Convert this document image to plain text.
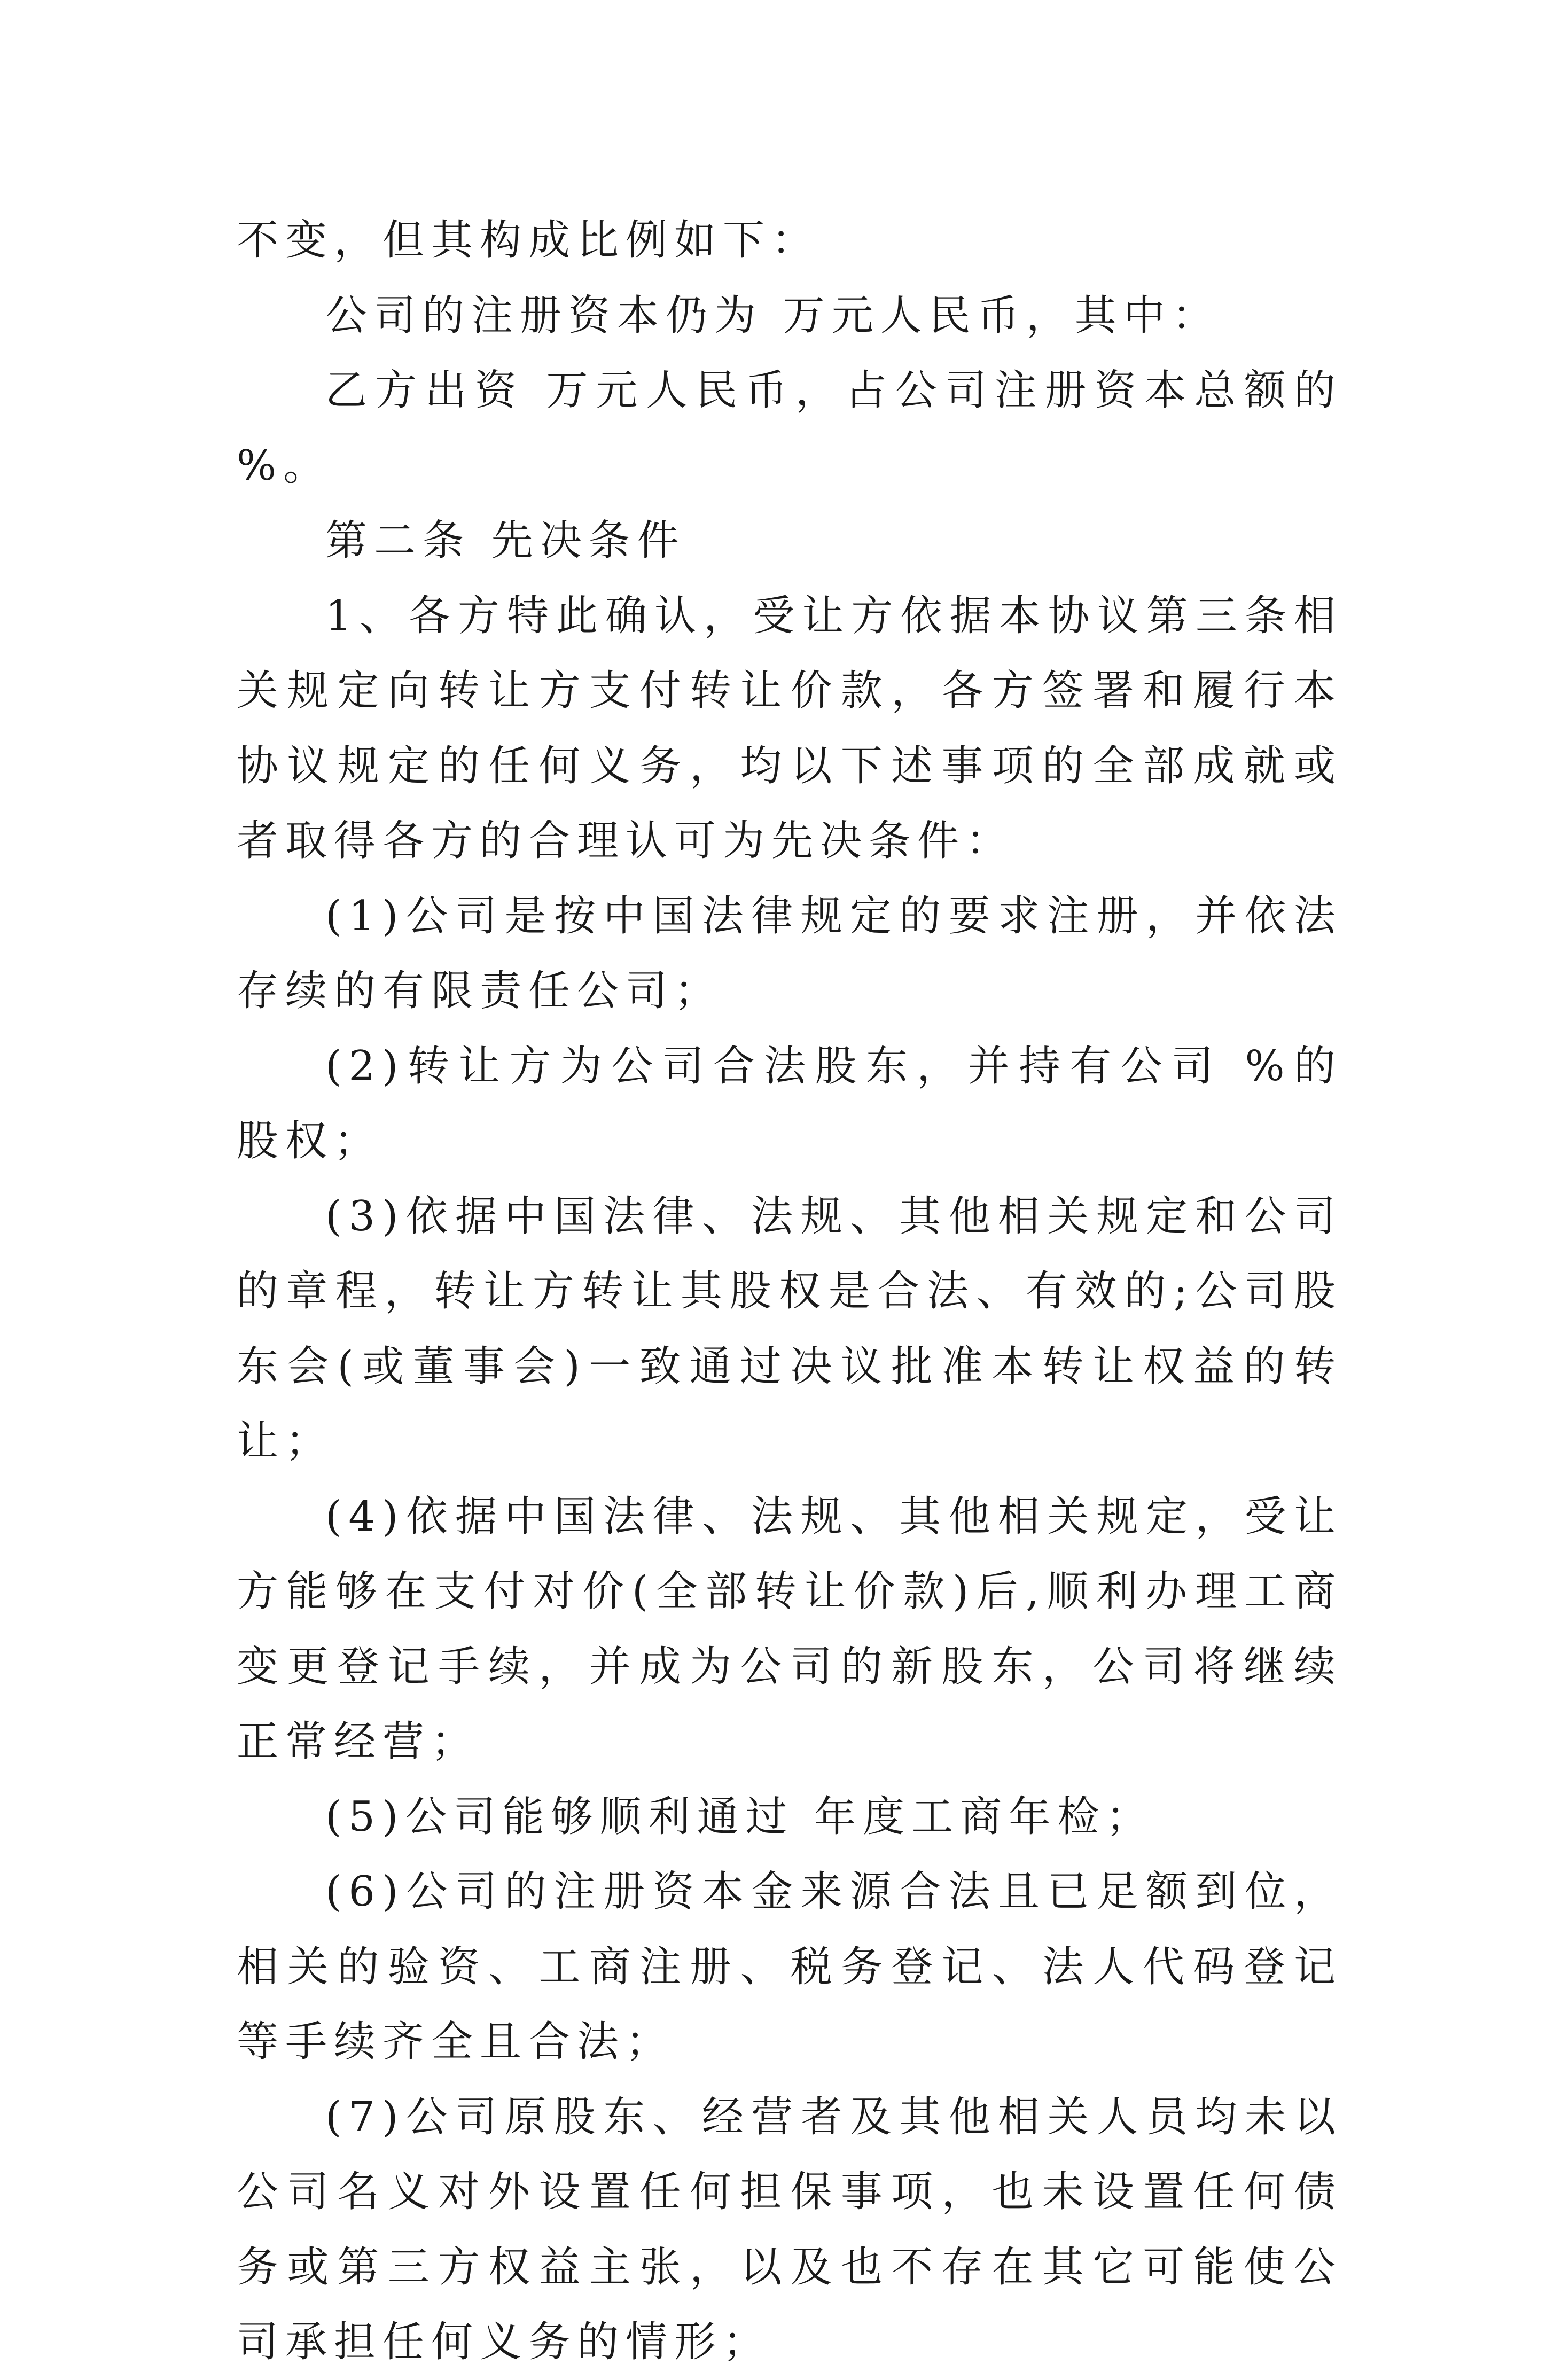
不变，但其构成比例如下：

公司的注册资本仍为 万元人民币，其中：

乙方出资 万元人民币，占公司注册资本总额的 %。

第二条 先决条件

1、各方特此确认，受让方依据本协议第三条相关规定向转让方支付转让价款，各方签署和履行本协议规定的任何义务，均以下述事项的全部成就或者取得各方的合理认可为先决条件：

(1)公司是按中国法律规定的要求注册，并依法存续的有限责任公司；

(2)转让方为公司合法股东，并持有公司 %的股权；

(3)依据中国法律、法规、其他相关规定和公司的章程，转让方转让其股权是合法、有效的;公司股东会(或董事会)一致通过决议批准本转让权益的转让；

(4)依据中国法律、法规、其他相关规定，受让方能够在支付对价(全部转让价款)后,顺利办理工商变更登记手续，并成为公司的新股东，公司将继续正常经营；

(5)公司能够顺利通过 年度工商年检；

(6)公司的注册资本金来源合法且已足额到位，相关的验资、工商注册、税务登记、法人代码登记等手续齐全且合法；

(7)公司原股东、经营者及其他相关人员均未以公司名义对外设置任何担保事项，也未设置任何债务或第三方权益主张，以及也不存在其它可能使公司承担任何义务的情形；
